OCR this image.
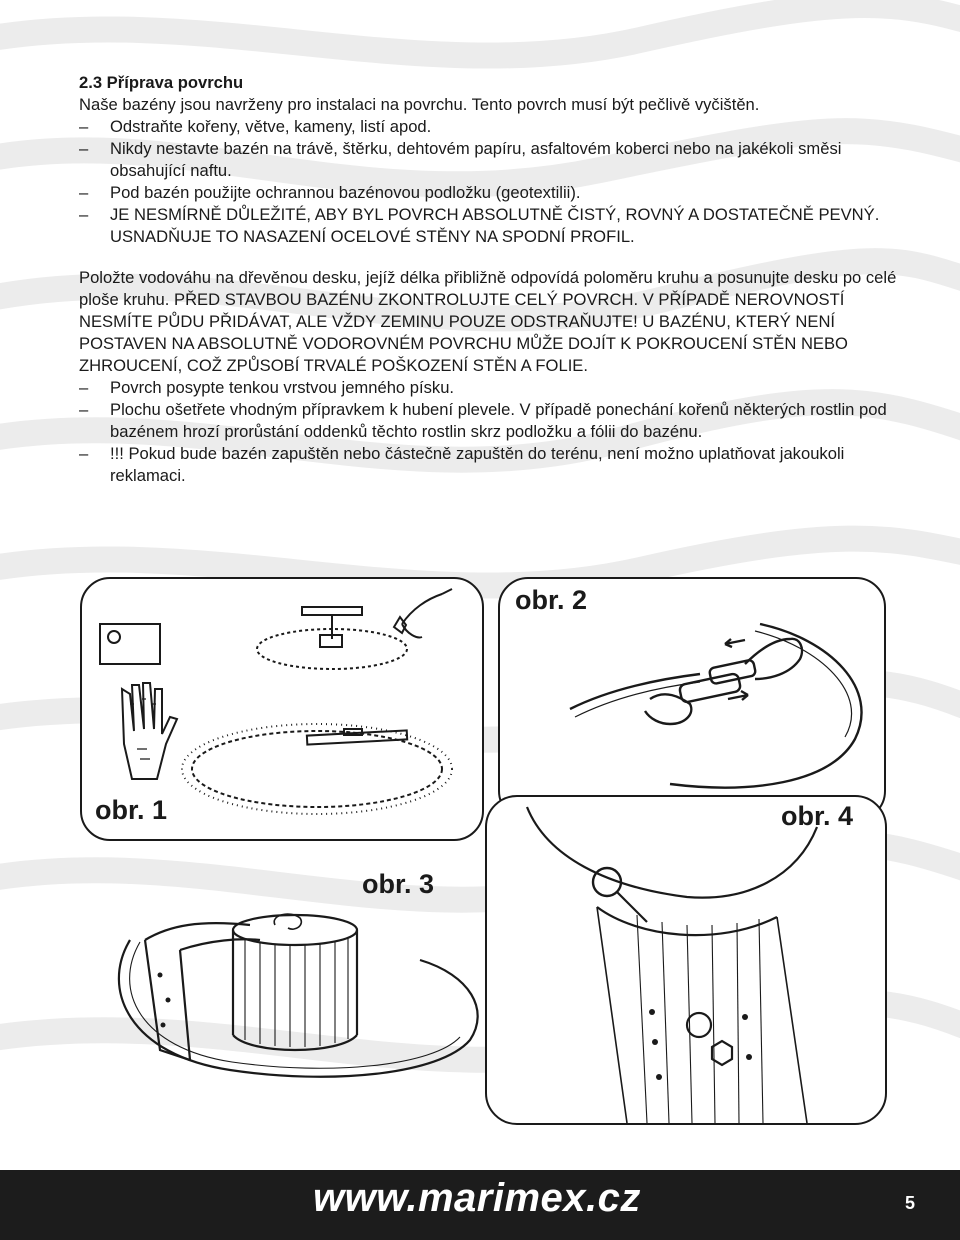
2.3 Příprava povrchu
Naše bazény jsou navrženy pro instalaci na povrchu. Tento povrch musí být pečlivě vyčištěn.
– Odstraňte kořeny, větve, kameny, listí apod.
– Nikdy nestavte bazén na trávě, štěrku, dehtovém papíru, asfaltovém koberci nebo na jakékoli směsi obsahující naftu.
– Pod bazén použijte ochrannou bazénovou podložku (geotextilii).
– JE NESMÍRNĚ DŮLEŽITÉ, ABY BYL POVRCH ABSOLUTNĚ ČISTÝ, ROVNÝ A DOSTATEČNĚ PEVNÝ. USNADŇUJE TO NASAZENÍ OCELOVÉ STĚNY NA SPODNÍ PROFIL.
Položte vodováhu na dřevěnou desku, jejíž délka přibližně odpovídá poloměru kruhu a posunujte desku po celé ploše kruhu. PŘED STAVBOU BAZÉNU ZKONTROLUJTE CELÝ POVRCH. V PŘÍPADĚ NEROVNOSTÍ NESMÍTE PŮDU PŘIDÁVAT, ALE VŽDY ZEMINU POUZE ODSTRAŇUJTE! U BAZÉNU, KTERÝ NENÍ POSTAVEN NA ABSOLUTNĚ VODOROVNÉM POVRCHU MŮŽE DOJÍT K POKROUCENÍ STĚN NEBO ZHROUCENÍ, COŽ ZPŮSOBÍ TRVALÉ POŠKOZENÍ STĚN A FOLIE.
– Povrch posypte tenkou vrstvou jemného písku.
– Plochu ošetřete vhodným přípravkem k hubení plevele. V případě ponechání kořenů některých rostlin pod bazénem hrozí prorůstání oddenků těchto rostlin skrz podložku a fólii do bazénu.
– !!! Pokud bude bazén zapuštěn nebo částečně zapuštěn do terénu, není možno uplatňovat jakoukoli reklamaci.
obr. 1
obr. 2
obr. 4
obr. 3
www.marimex.cz	5
